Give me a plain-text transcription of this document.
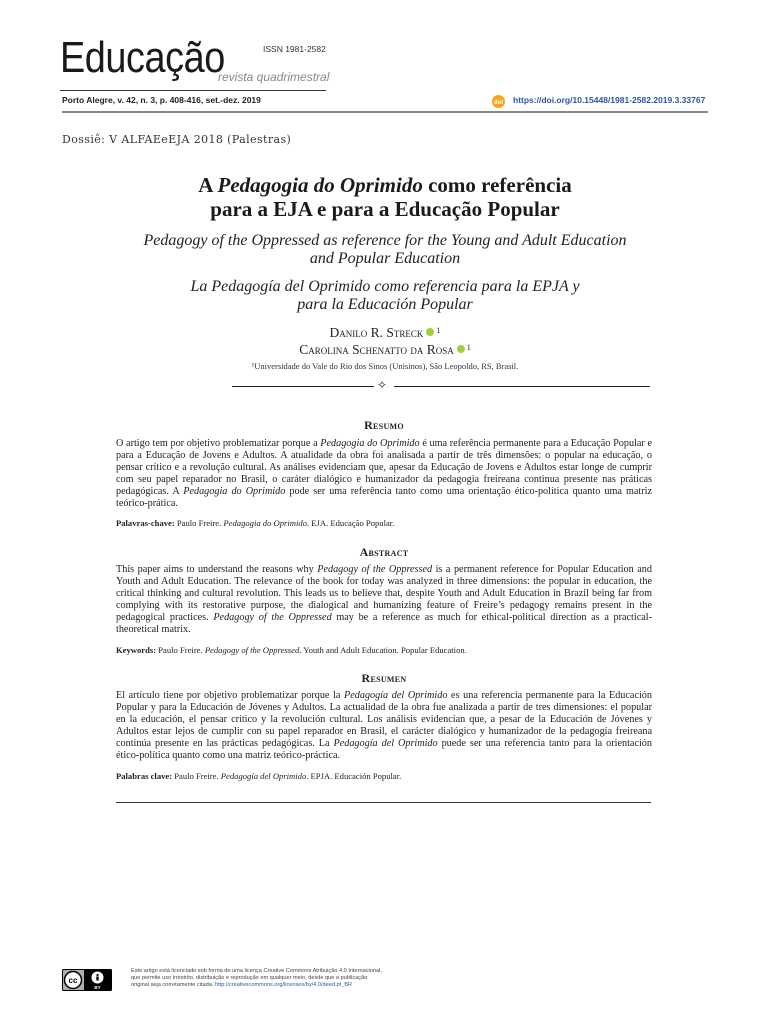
Educação	ISSN 1981-2582
revista quadrimestral
Porto Alegre, v. 42, n. 3, p. 408-416, set.-dez. 2019	doi https://doi.org/10.15448/1981-2582.2019.3.33767
Dossiê: V ALFAEeEJA 2018 (Palestras)
A Pedagogia do Oprimido como referência
para a EJA e para a Educação Popular
Pedagogy of the Oppressed as reference for the Young and Adult Education
and Popular Education
La Pedagogía del Oprimido como referencia para la EPJA y
para la Educación Popular
Danilo R. Streck $^1$
Carolina Schenatto da Rosa $^1$
¹Universidade do Vale do Rio dos Sinos (Unisinos), São Leopoldo, RS, Brasil.
✧
Resumo
O artigo tem por objetivo problematizar porque a Pedagogia do Oprimido é uma referência permanente para a Educação Popular e para a Educação de Jovens e Adultos. A atualidade da obra foi analisada a partir de três dimensões: o popular na educação, o pensar crítico e a revolução cultural. As análises evidenciam que, apesar da Educação de Jovens e Adultos estar longe de cumprir com seu papel reparador no Brasil, o caráter dialógico e humanizador da pedagogia freireana continua presente nas práticas pedagógicas. A Pedagogia do Oprimido pode ser uma referência tanto como uma orientação ético-política quanto uma matriz teórico-prática.
Palavras-chave: Paulo Freire. Pedagogia do Oprimido. EJA. Educação Popular.
Abstract
This paper aims to understand the reasons why Pedagogy of the Oppressed is a permanent reference for Popular Education and Youth and Adult Education. The relevance of the book for today was analyzed in three dimensions: the popular in education, the critical thinking and cultural revolution. This leads us to believe that, despite Youth and Adult Education in Brazil being far from complying with its restorative purpose, the dialogical and humanizing feature of Freire’s pedagogy remains present in the pedagogical practices. Pedagogy of the Oppressed may be a reference as much for ethical-political direction as a practical-theoretical matrix.
Keywords: Paulo Freire. Pedagogy of the Oppressed. Youth and Adult Education. Popular Education.
Resumen
El artículo tiene por objetivo problematizar porque la Pedagogía del Oprimido es una referencia permanente para la Educación Popular y para la Educación de Jóvenes y Adultos. La actualidad de la obra fue analizada a partir de tres dimensiones: el popular en la educación, el pensar crítico y la revolución cultural. Los análisis evidencian que, a pesar de la Educación de Jóvenes y Adultos estar lejos de cumplir con su papel reparador en Brasil, el carácter dialógico y humanizador de la pedagogía freireana continúa presente en las prácticas pedagógicas. La Pedagogía del Oprimido puede ser una referencia tanto para la orientación ético-política quanto como una matriz teórico-práctica.
Palabras clave: Paulo Freire. Pedagogía del Oprimido. EPJA. Educación Popular.
cc
BY
Este artigo está licenciado sob forma de uma licença Creative Commons Atribuição 4.0 Internacional,
que permite uso irrestrito, distribuição e reprodução em qualquer meio, desde que a publicação
original seja corretamente citada. http://creativecommons.org/licenses/by/4.0/deed.pt_BR
